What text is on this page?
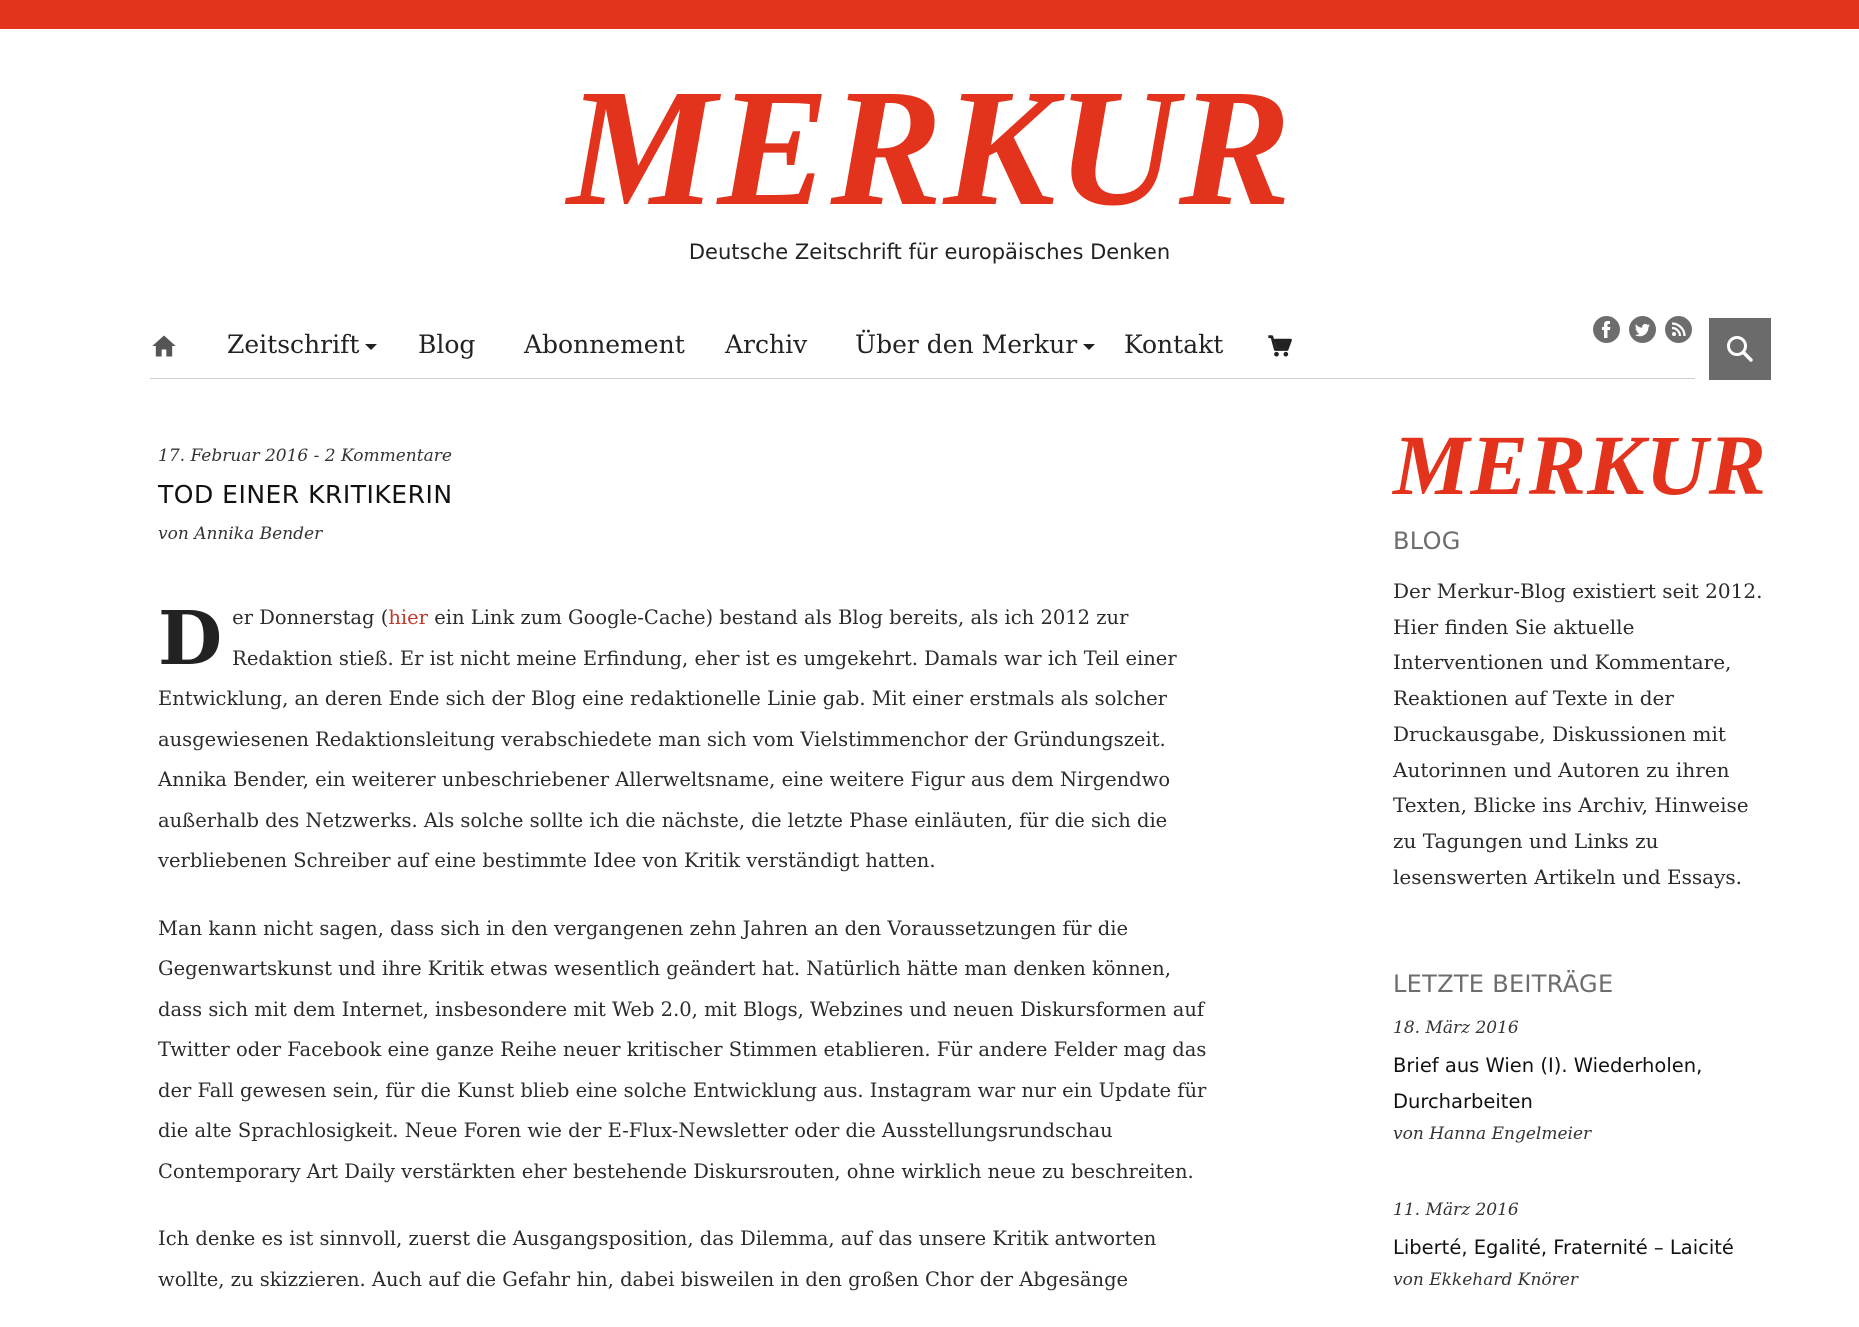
MERKUR
Deutsche Zeitschrift für europäisches Denken
Zeitschrift	Blog Abonnement Archiv Über den Merkur	Kontakt
17. Februar 2016 - 2 Kommentare
TOD EINER KRITIKERIN
von Annika Bender

Der Donnerstag (hier ein Link zum Google-Cache) bestand als Blog bereits, als ich 2012 zur Redaktion stieß. Er ist nicht meine Erfindung, eher ist es umgekehrt. Damals war ich Teil einer Entwicklung, an deren Ende sich der Blog eine redaktionelle Linie gab. Mit einer erstmals als solcher ausgewiesenen Redaktionsleitung verabschiedete man sich vom Vielstimmenchor der Gründungszeit. Annika Bender, ein weiterer unbeschriebener Allerweltsname, eine weitere Figur aus dem Nirgendwo außerhalb des Netzwerks. Als solche sollte ich die nächste, die letzte Phase einläuten, für die sich die verbliebenen Schreiber auf eine bestimmte Idee von Kritik verständigt hatten.

Man kann nicht sagen, dass sich in den vergangenen zehn Jahren an den Voraussetzungen für die Gegenwartskunst und ihre Kritik etwas wesentlich geändert hat. Natürlich hätte man denken können, dass sich mit dem Internet, insbesondere mit Web 2.0, mit Blogs, Webzines und neuen Diskursformen auf Twitter oder Facebook eine ganze Reihe neuer kritischer Stimmen etablieren. Für andere Felder mag das der Fall gewesen sein, für die Kunst blieb eine solche Entwicklung aus. Instagram war nur ein Update für die alte Sprachlosigkeit. Neue Foren wie der E-Flux-Newsletter oder die Ausstellungsrundschau Contemporary Art Daily verstärkten eher bestehende Diskursrouten, ohne wirklich neue zu beschreiten.

Ich denke es ist sinnvoll, zuerst die Ausgangsposition, das Dilemma, auf das unsere Kritik antworten wollte, zu skizzieren. Auch auf die Gefahr hin, dabei bisweilen in den großen Chor der Abgesänge

MERKUR
BLOG
Der Merkur-Blog existiert seit 2012. Hier finden Sie aktuelle Interventionen und Kommentare, Reaktionen auf Texte in der Druckausgabe, Diskussionen mit Autorinnen und Autoren zu ihren Texten, Blicke ins Archiv, Hinweise zu Tagungen und Links zu lesenswerten Artikeln und Essays.
LETZTE BEITRÄGE
18. März 2016
Brief aus Wien (I). Wiederholen, Durcharbeiten
von Hanna Engelmeier
11. März 2016
Liberté, Egalité, Fraternité – Laicité
von Ekkehard Knörer
